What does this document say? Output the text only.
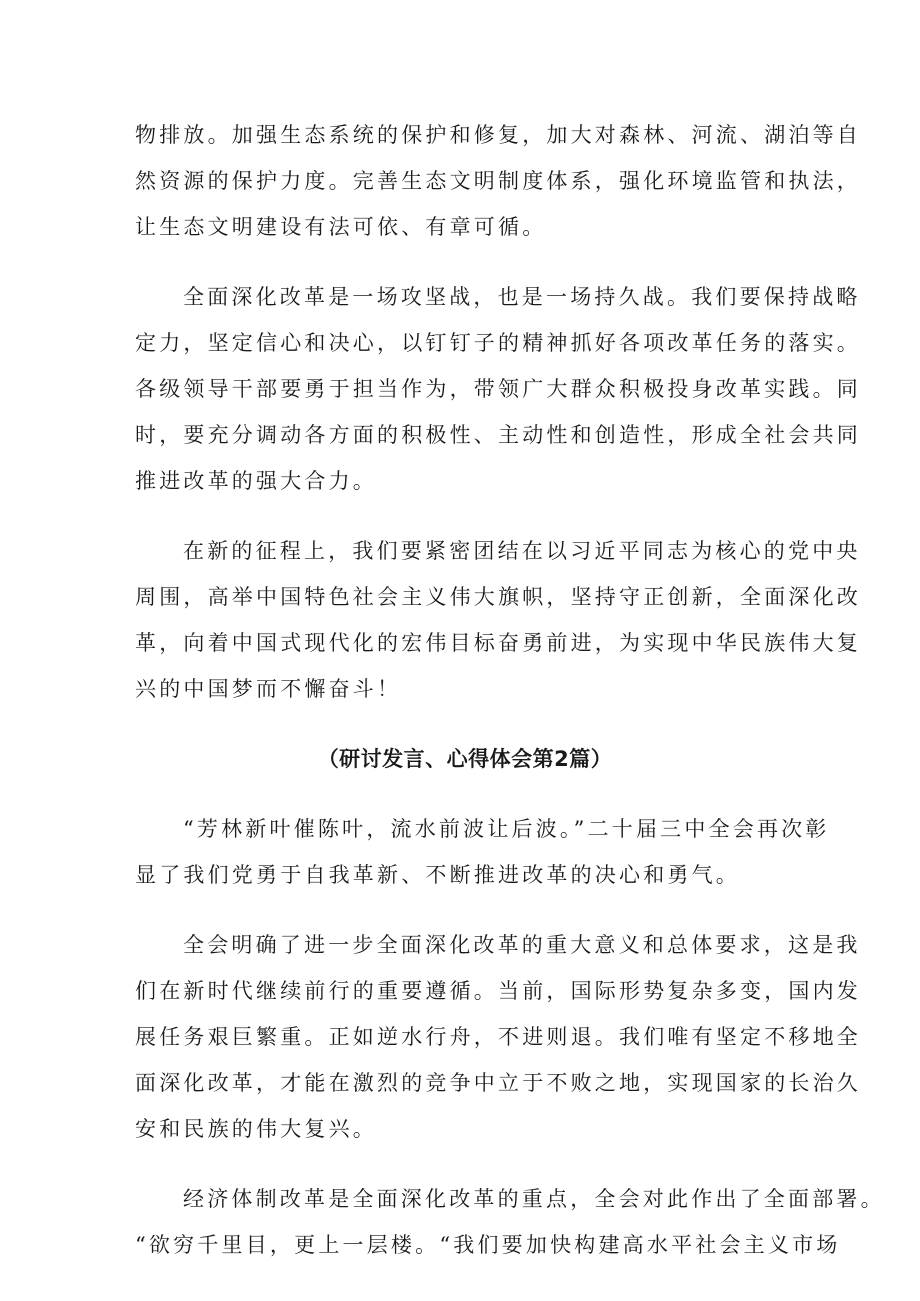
物排放。加强生态系统的保护和修复，加大对森林、河流、湖泊等自
然资源的保护力度。完善生态文明制度体系，强化环境监管和执法，
让生态文明建设有法可依、有章可循。

全面深化改革是一场攻坚战，也是一场持久战。我们要保持战略
定力，坚定信心和决心，以钉钉子的精神抓好各项改革任务的落实。
各级领导干部要勇于担当作为，带领广大群众积极投身改革实践。同
时，要充分调动各方面的积极性、主动性和创造性，形成全社会共同
推进改革的强大合力。

在新的征程上，我们要紧密团结在以习近平同志为核心的党中央
周围，高举中国特色社会主义伟大旗帜，坚持守正创新，全面深化改
革，向着中国式现代化的宏伟目标奋勇前进，为实现中华民族伟大复
兴的中国梦而不懈奋斗！

（研讨发言、心得体会第2篇）

“芳林新叶催陈叶，流水前波让后波。”二十届三中全会再次彰
显了我们党勇于自我革新、不断推进改革的决心和勇气。

全会明确了进一步全面深化改革的重大意义和总体要求，这是我
们在新时代继续前行的重要遵循。当前，国际形势复杂多变，国内发
展任务艰巨繁重。正如逆水行舟，不进则退。我们唯有坚定不移地全
面深化改革，才能在激烈的竞争中立于不败之地，实现国家的长治久
安和民族的伟大复兴。

经济体制改革是全面深化改革的重点，全会对此作出了全面部署。
“欲穷千里目，更上一层楼。“我们要加快构建高水平社会主义市场
